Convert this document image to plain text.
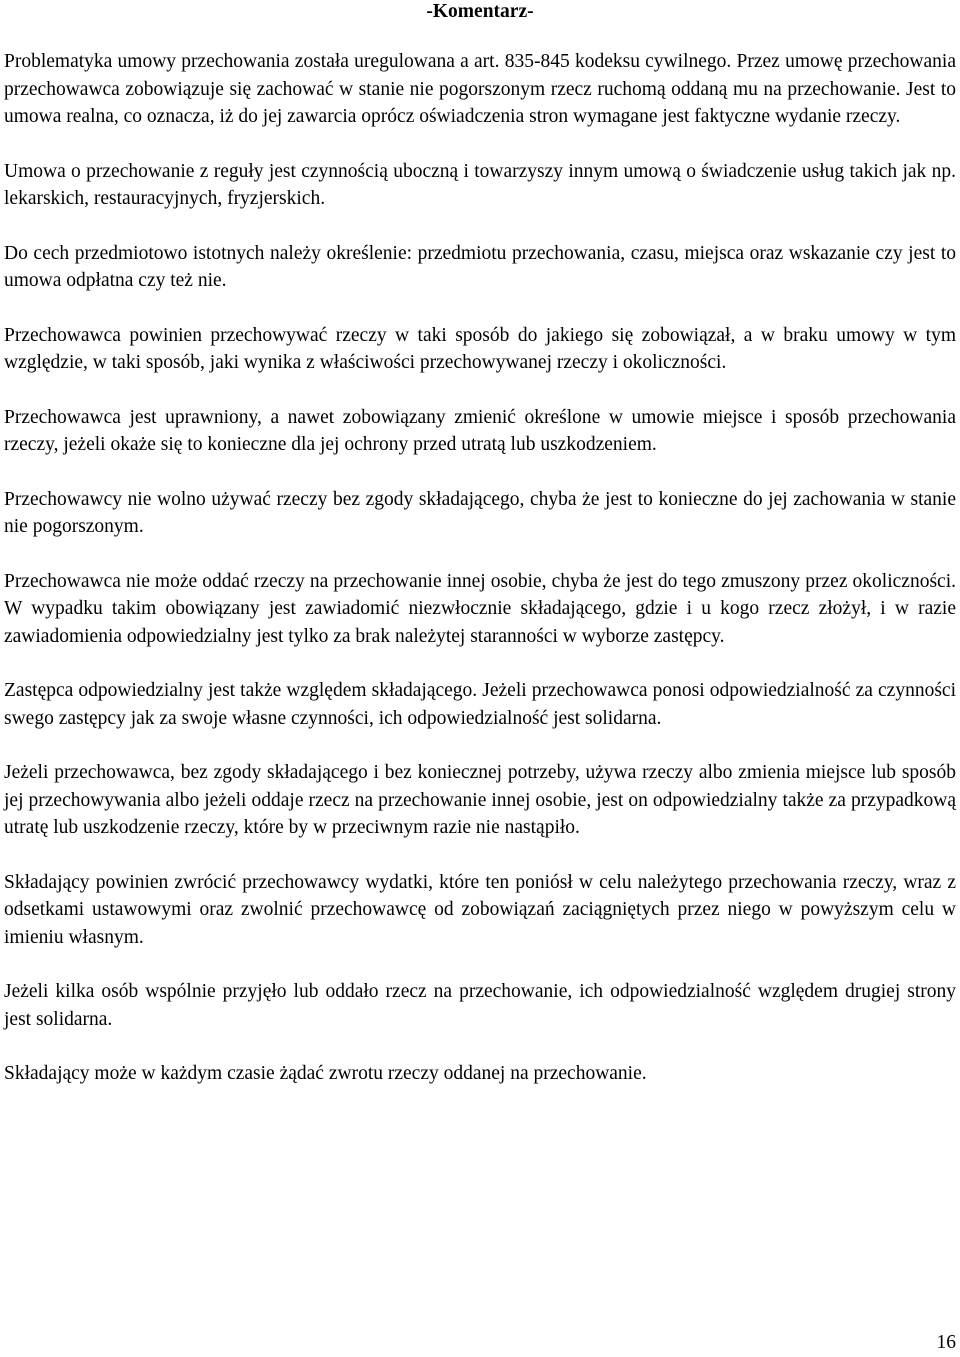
-Komentarz-

Problematyka umowy przechowania została uregulowana a art. 835-845 kodeksu cywilnego. Przez umowę przechowania przechowawca zobowiązuje się zachować w stanie nie pogorszonym rzecz ruchomą oddaną mu na przechowanie. Jest to umowa realna, co oznacza, iż do jej zawarcia oprócz oświadczenia stron wymagane jest faktyczne wydanie rzeczy.

Umowa o przechowanie z reguły jest czynnością uboczną i towarzyszy innym umową o świadczenie usług takich jak np. lekarskich, restauracyjnych, fryzjerskich.

Do cech przedmiotowo istotnych należy określenie: przedmiotu przechowania, czasu, miejsca oraz wskazanie czy jest to umowa odpłatna czy też nie.

Przechowawca powinien przechowywać rzeczy w taki sposób do jakiego się zobowiązał, a w braku umowy w tym względzie, w taki sposób, jaki wynika z właściwości przechowywanej rzeczy i okoliczności.

Przechowawca jest uprawniony, a nawet zobowiązany zmienić określone w umowie miejsce i sposób przechowania rzeczy, jeżeli okaże się to konieczne dla jej ochrony przed utratą lub uszkodzeniem.

Przechowawcy nie wolno używać rzeczy bez zgody składającego, chyba że jest to konieczne do jej zachowania w stanie nie pogorszonym.

Przechowawca nie może oddać rzeczy na przechowanie innej osobie, chyba że jest do tego zmuszony przez okoliczności. W wypadku takim obowiązany jest zawiadomić niezwłocznie składającego, gdzie i u kogo rzecz złożył, i w razie zawiadomienia odpowiedzialny jest tylko za brak należytej staranności w wyborze zastępcy.

Zastępca odpowiedzialny jest także względem składającego. Jeżeli przechowawca ponosi odpowiedzialność za czynności swego zastępcy jak za swoje własne czynności, ich odpowiedzialność jest solidarna.

Jeżeli przechowawca, bez zgody składającego i bez koniecznej potrzeby, używa rzeczy albo zmienia miejsce lub sposób jej przechowywania albo jeżeli oddaje rzecz na przechowanie innej osobie, jest on odpowiedzialny także za przypadkową utratę lub uszkodzenie rzeczy, które by w przeciwnym razie nie nastąpiło.

Składający powinien zwrócić przechowawcy wydatki, które ten poniósł w celu należytego przechowania rzeczy, wraz z odsetkami ustawowymi oraz zwolnić przechowawcę od zobowiązań zaciągniętych przez niego w powyższym celu w imieniu własnym.

Jeżeli kilka osób wspólnie przyjęło lub oddało rzecz na przechowanie, ich odpowiedzialność względem drugiej strony jest solidarna.

Składający może w każdym czasie żądać zwrotu rzeczy oddanej na przechowanie.

16
